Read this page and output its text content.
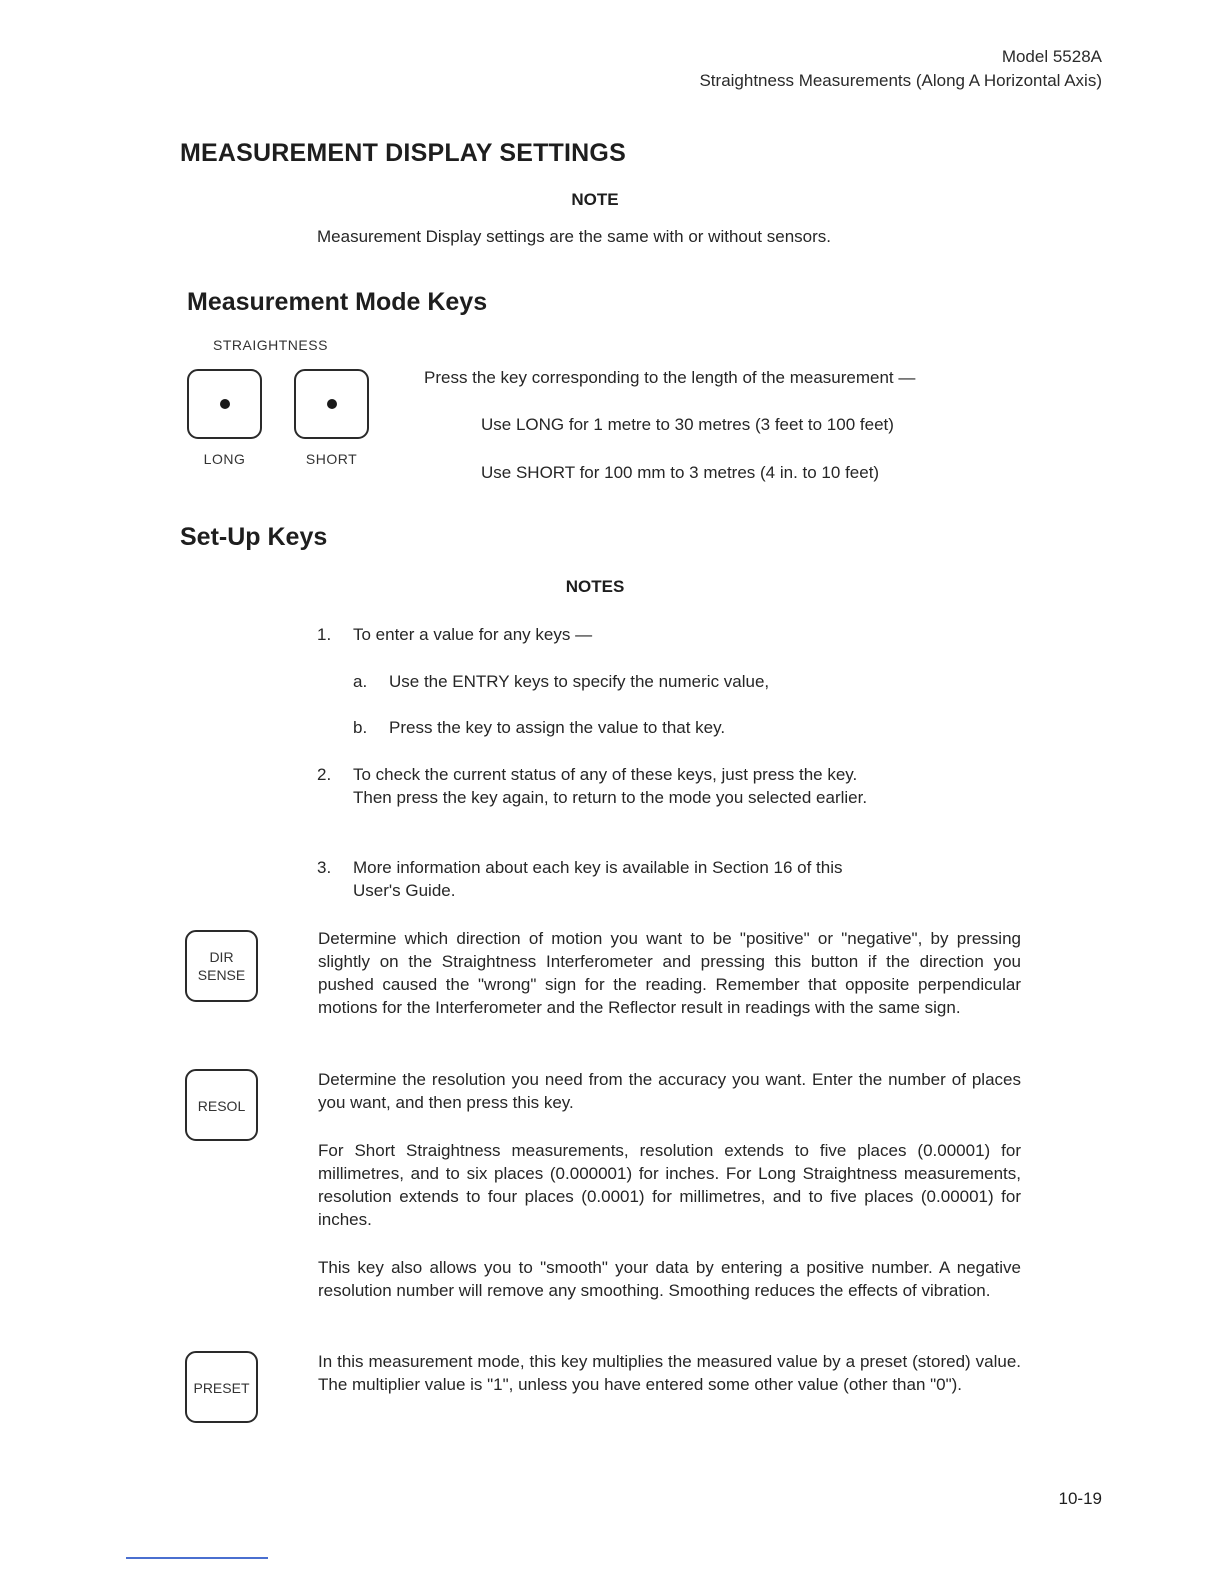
Model 5528A
Straightness Measurements (Along A Horizontal Axis)
MEASUREMENT DISPLAY SETTINGS
NOTE
Measurement Display settings are the same with or without sensors.
Measurement Mode Keys
STRAIGHTNESS
LONG	SHORT
Press the key corresponding to the length of the measurement —
Use LONG for 1 metre to 30 metres (3 feet to 100 feet)
Use SHORT for 100 mm to 3 metres (4 in. to 10 feet)
Set-Up Keys
NOTES
1. To enter a value for any keys —
a. Use the ENTRY keys to specify the numeric value,
b. Press the key to assign the value to that key.
2. To check the current status of any of these keys, just press the key. Then press the key again, to return to the mode you selected earlier.
3. More information about each key is available in Section 16 of this User's Guide.
DIR
SENSE
Determine which direction of motion you want to be "positive" or "negative", by pressing slightly on the Straightness Interferometer and pressing this button if the direction you pushed caused the "wrong" sign for the reading. Remember that opposite perpendicular motions for the Interferometer and the Reflector result in readings with the same sign.
RESOL
Determine the resolution you need from the accuracy you want. Enter the number of places you want, and then press this key.
For Short Straightness measurements, resolution extends to five places (0.00001) for millimetres, and to six places (0.000001) for inches. For Long Straightness measurements, resolution extends to four places (0.0001) for millimetres, and to five places (0.00001) for inches.
This key also allows you to "smooth" your data by entering a positive number. A negative resolution number will remove any smoothing. Smoothing reduces the effects of vibration.
PRESET
In this measurement mode, this key multiplies the measured value by a preset (stored) value. The multiplier value is "1", unless you have entered some other value (other than "0").
10-19
